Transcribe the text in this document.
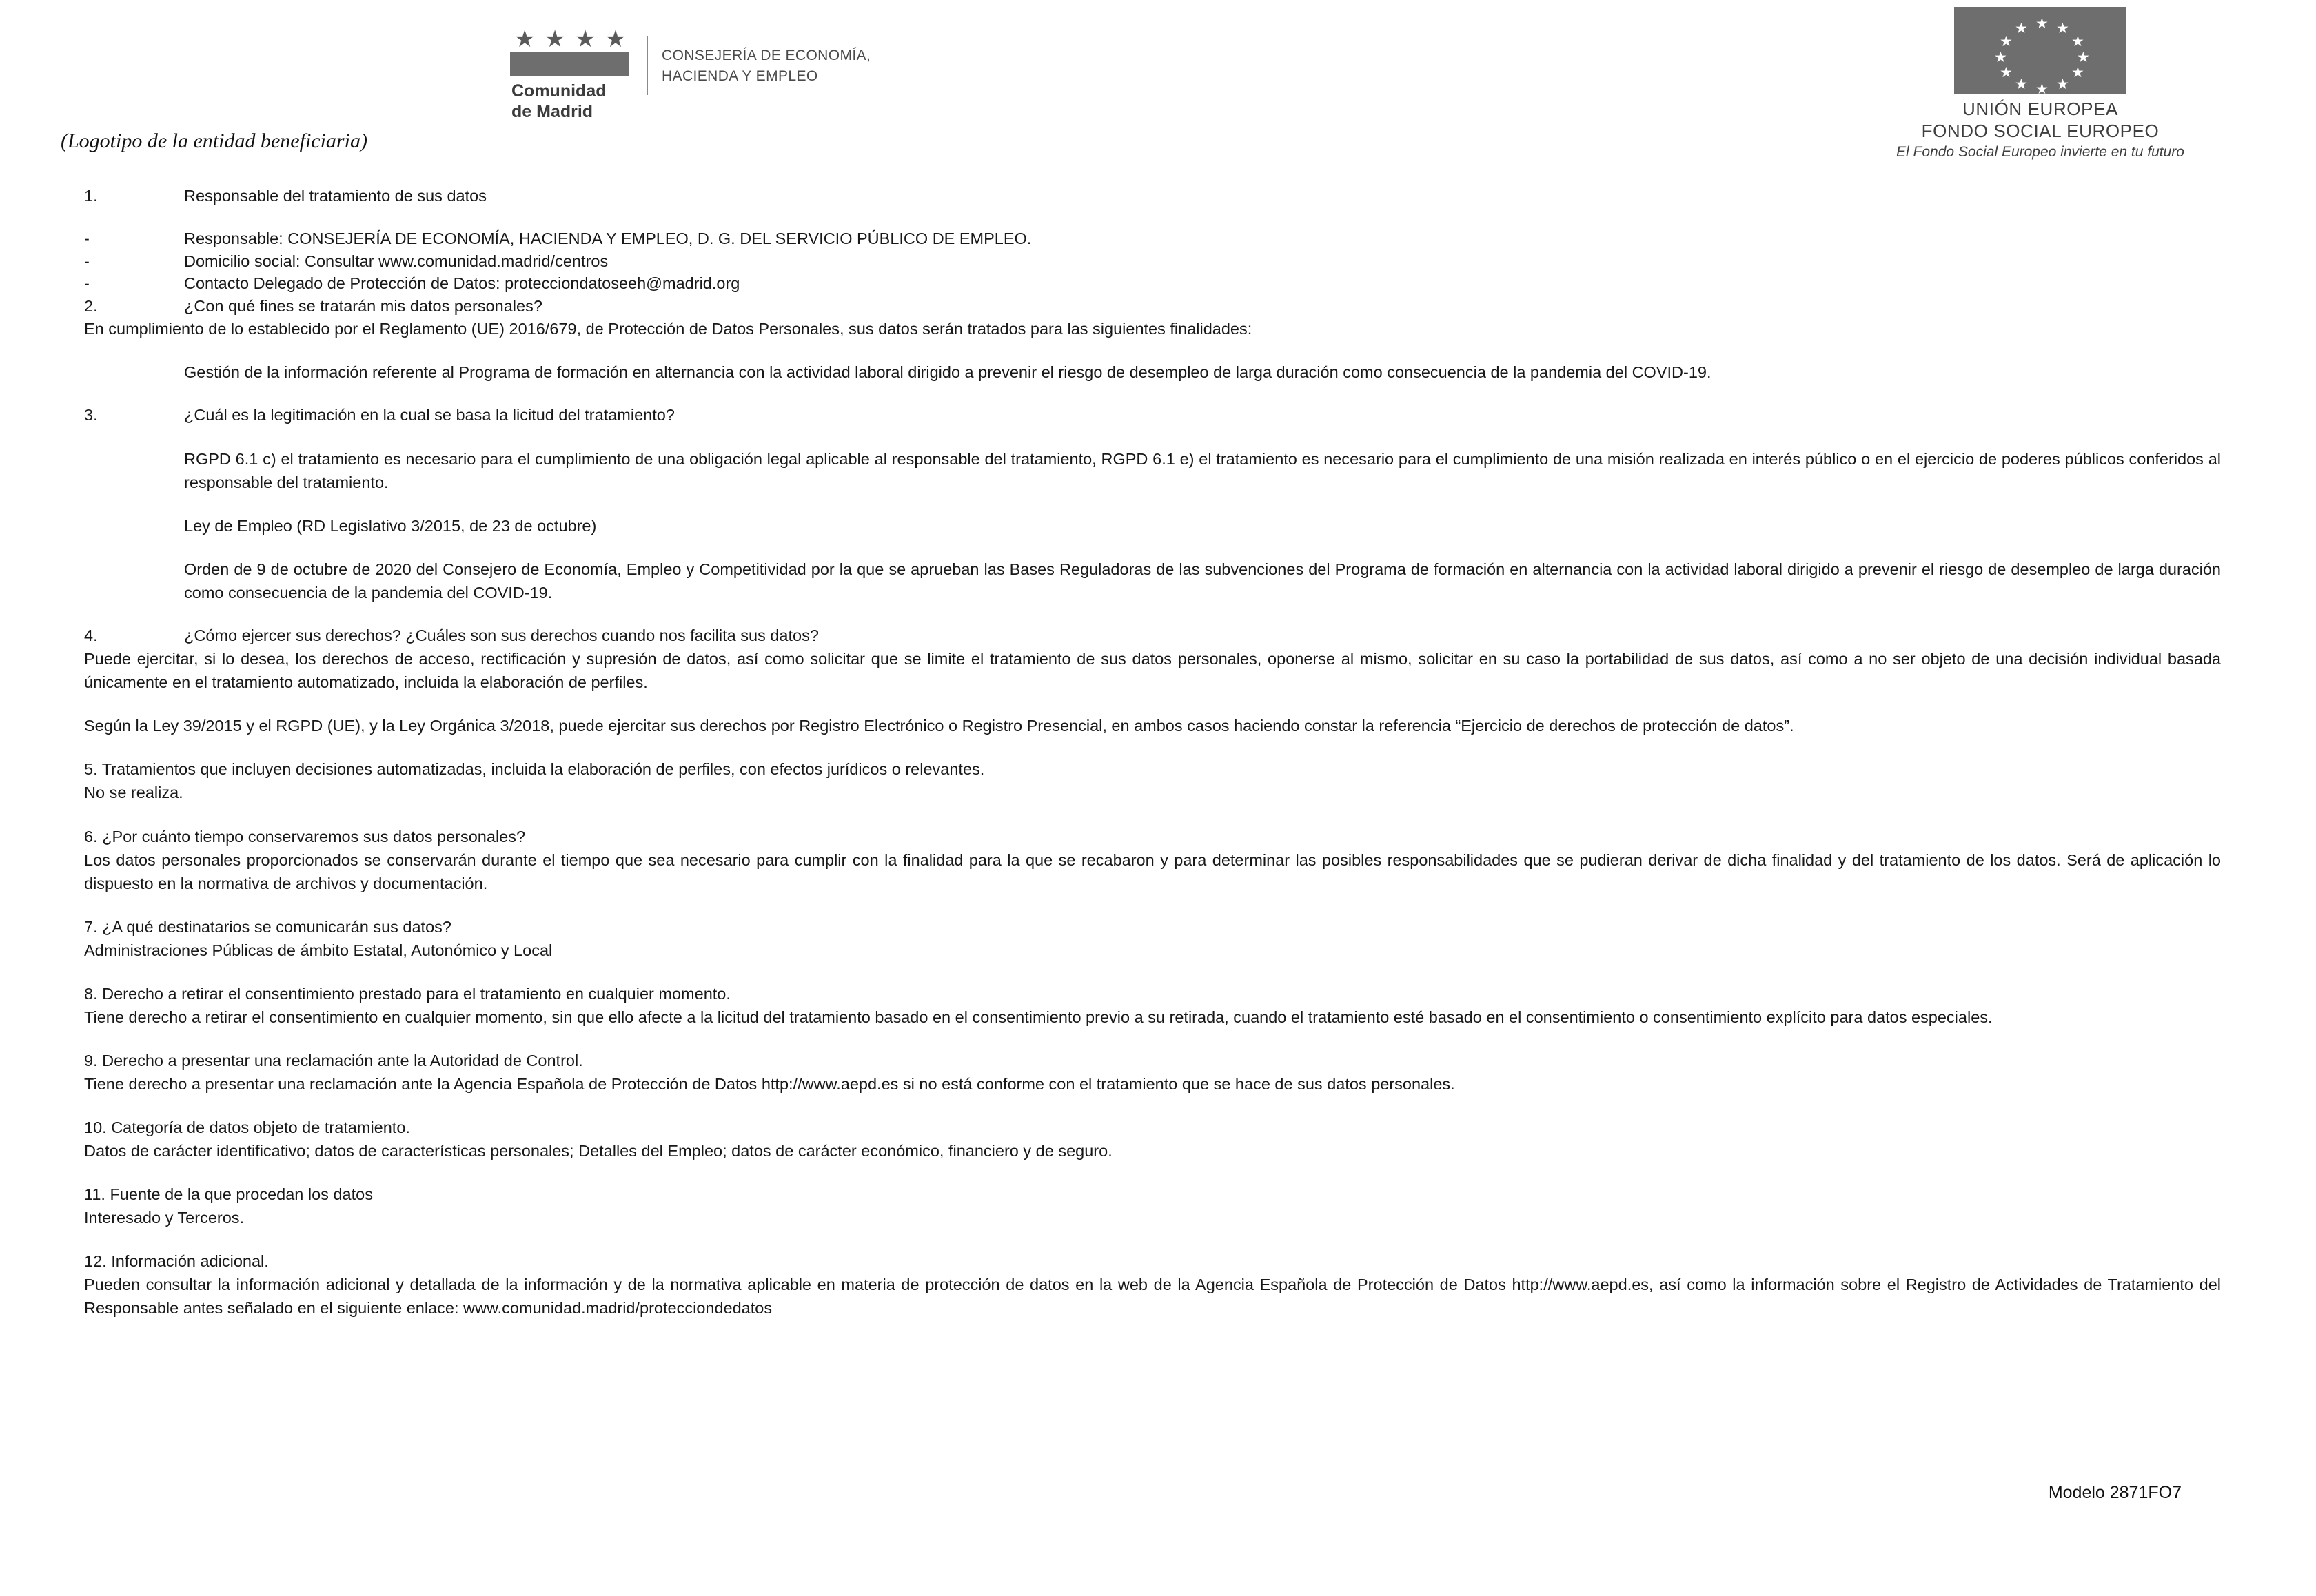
(Logotipo de la entidad beneficiaria)
★ ★ ★ ★
Comunidad
de Madrid
CONSEJERÍA DE ECONOMÍA,
HACIENDA Y EMPLEO
★
★ ★
★	★
★	★
★	★
★ ★
★
UNIÓN EUROPEA
FONDO SOCIAL EUROPEO
El Fondo Social Europeo invierte en tu futuro
1.	Responsable del tratamiento de sus datos
-	Responsable: CONSEJERÍA DE ECONOMÍA, HACIENDA Y EMPLEO, D. G. DEL SERVICIO PÚBLICO DE EMPLEO.
-	Domicilio social: Consultar www.comunidad.madrid/centros
-	Contacto Delegado de Protección de Datos: protecciondatoseeh@madrid.org
2.	¿Con qué fines se tratarán mis datos personales?
En cumplimiento de lo establecido por el Reglamento (UE) 2016/679, de Protección de Datos Personales, sus datos serán tratados para las siguientes finalidades:
Gestión de la información referente al Programa de formación en alternancia con la actividad laboral dirigido a prevenir el riesgo de desempleo de larga duración como consecuencia de la pandemia del COVID-19.
3.	¿Cuál es la legitimación en la cual se basa la licitud del tratamiento?
RGPD 6.1 c) el tratamiento es necesario para el cumplimiento de una obligación legal aplicable al responsable del tratamiento, RGPD 6.1 e) el tratamiento es necesario para el cumplimiento de una misión realizada en interés público o en el ejercicio de poderes públicos conferidos al responsable del tratamiento.
Ley de Empleo (RD Legislativo 3/2015, de 23 de octubre)
Orden de 9 de octubre de 2020 del Consejero de Economía, Empleo y Competitividad por la que se aprueban las Bases Reguladoras de las subvenciones del Programa de formación en alternancia con la actividad laboral dirigido a prevenir el riesgo de desempleo de larga duración como consecuencia de la pandemia del COVID-19.
4.	¿Cómo ejercer sus derechos? ¿Cuáles son sus derechos cuando nos facilita sus datos?
Puede ejercitar, si lo desea, los derechos de acceso, rectificación y supresión de datos, así como solicitar que se limite el tratamiento de sus datos personales, oponerse al mismo, solicitar en su caso la portabilidad de sus datos, así como a no ser objeto de una decisión individual basada únicamente en el tratamiento automatizado, incluida la elaboración de perfiles.
Según la Ley 39/2015 y el RGPD (UE), y la Ley Orgánica 3/2018, puede ejercitar sus derechos por Registro Electrónico o Registro Presencial, en ambos casos haciendo constar la referencia “Ejercicio de derechos de protección de datos”.
5. Tratamientos que incluyen decisiones automatizadas, incluida la elaboración de perfiles, con efectos jurídicos o relevantes.
No se realiza.
6. ¿Por cuánto tiempo conservaremos sus datos personales?
Los datos personales proporcionados se conservarán durante el tiempo que sea necesario para cumplir con la finalidad para la que se recabaron y para determinar las posibles responsabilidades que se pudieran derivar de dicha finalidad y del tratamiento de los datos. Será de aplicación lo dispuesto en la normativa de archivos y documentación.
7. ¿A qué destinatarios se comunicarán sus datos?
Administraciones Públicas de ámbito Estatal, Autonómico y Local
8. Derecho a retirar el consentimiento prestado para el tratamiento en cualquier momento.
Tiene derecho a retirar el consentimiento en cualquier momento, sin que ello afecte a la licitud del tratamiento basado en el consentimiento previo a su retirada, cuando el tratamiento esté basado en el consentimiento o consentimiento explícito para datos especiales.
9. Derecho a presentar una reclamación ante la Autoridad de Control.
Tiene derecho a presentar una reclamación ante la Agencia Española de Protección de Datos http://www.aepd.es si no está conforme con el tratamiento que se hace de sus datos personales.
10. Categoría de datos objeto de tratamiento.
Datos de carácter identificativo; datos de características personales; Detalles del Empleo; datos de carácter económico, financiero y de seguro.
11. Fuente de la que procedan los datos
Interesado y Terceros.
12. Información adicional.
Pueden consultar la información adicional y detallada de la información y de la normativa aplicable en materia de protección de datos en la web de la Agencia Española de Protección de Datos http://www.aepd.es, así como la información sobre el Registro de Actividades de Tratamiento del Responsable antes señalado en el siguiente enlace: www.comunidad.madrid/protecciondedatos
Modelo 2871FO7
